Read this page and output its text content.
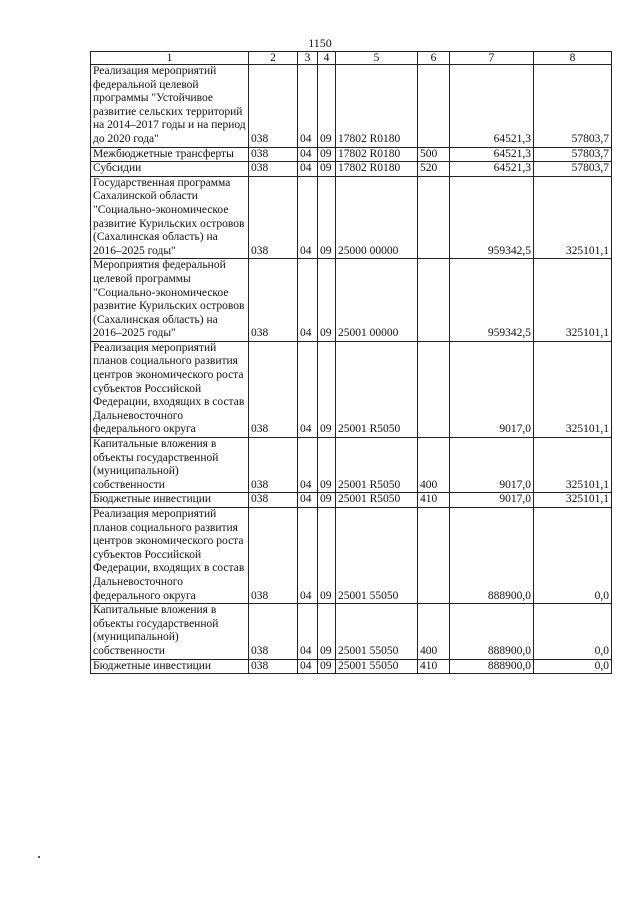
1150
1	2	3	4	5	6	7	8
Реализация мероприятий федеральной целевой программы "Устойчивое развитие сельских территорий на 2014–2017 годы и на период до 2020 года"	038	04	09	17802 R0180		64521,3	57803,7
Межбюджетные трансферты	038	04	09	17802 R0180	500	64521,3	57803,7
Субсидии	038	04	09	17802 R0180	520	64521,3	57803,7
Государственная программа Сахалинской области "Социально-экономическое развитие Курильских островов (Сахалинская область) на 2016–2025 годы"	038	04	09	25000 00000		959342,5	325101,1
Мероприятия федеральной целевой программы "Социально-экономическое развитие Курильских островов (Сахалинская область) на 2016–2025 годы"	038	04	09	25001 00000		959342,5	325101,1
Реализация мероприятий планов социального развития центров экономического роста субъектов Российской Федерации, входящих в состав Дальневосточного федерального округа	038	04	09	25001 R5050		9017,0	325101,1
Капитальные вложения в объекты государственной (муниципальной) собственности	038	04	09	25001 R5050	400	9017,0	325101,1
Бюджетные инвестиции	038	04	09	25001 R5050	410	9017,0	325101,1
Реализация мероприятий планов социального развития центров экономического роста субъектов Российской Федерации, входящих в состав Дальневосточного федерального округа	038	04	09	25001 55050		888900,0	0,0
Капитальные вложения в объекты государственной (муниципальной) собственности	038	04	09	25001 55050	400	888900,0	0,0
Бюджетные инвестиции	038	04	09	25001 55050	410	888900,0	0,0
